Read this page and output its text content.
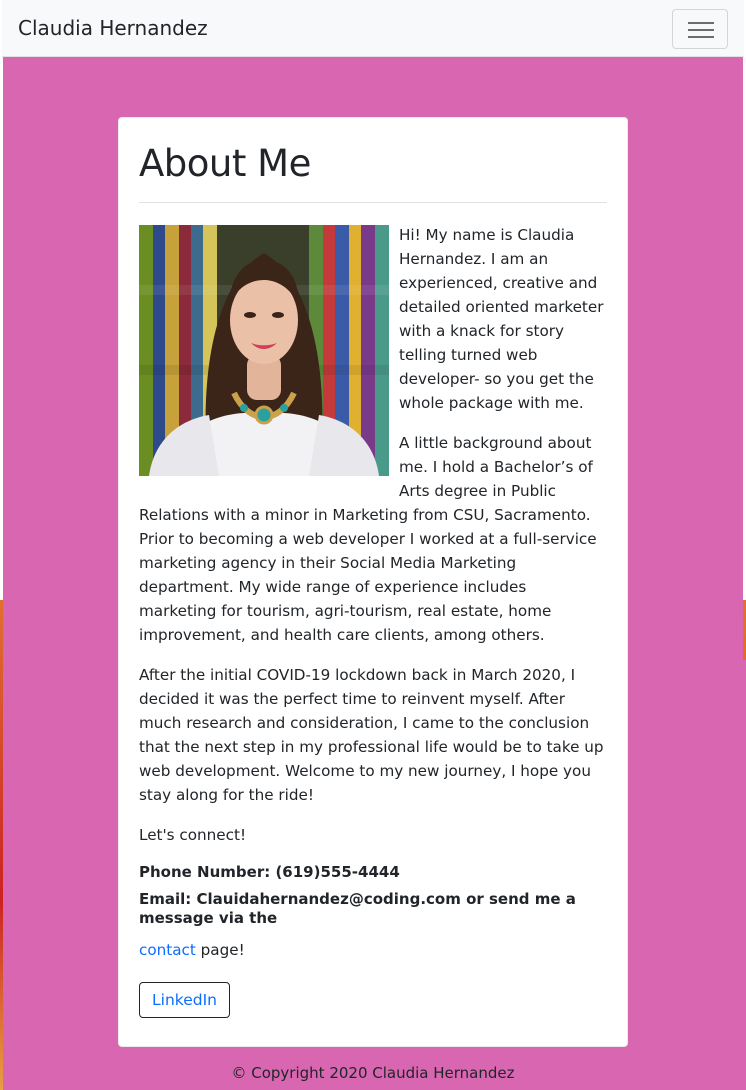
Claudia Hernandez
About Me

Hi! My name is Claudia Hernandez. I am an experienced, creative and detailed oriented marketer with a knack for story telling turned web developer- so you get the whole package with me.

A little background about me. I hold a Bachelor’s of Arts degree in Public Relations with a minor in Marketing from CSU, Sacramento. Prior to becoming a web developer I worked at a full-service marketing agency in their Social Media Marketing department. My wide range of experience includes marketing for tourism, agri-tourism, real estate, home improvement, and health care clients, among others.

After the initial COVID-19 lockdown back in March 2020, I decided it was the perfect time to reinvent myself. After much research and consideration, I came to the conclusion that the next step in my professional life would be to take up web development. Welcome to my new journey, I hope you stay along for the ride!

Let's connect!

Phone Number: (619)555-4444
Email: Clauidahernandez@coding.com or send me a message via the

contact page!

LinkedIn
© Copyright 2020 Claudia Hernandez
